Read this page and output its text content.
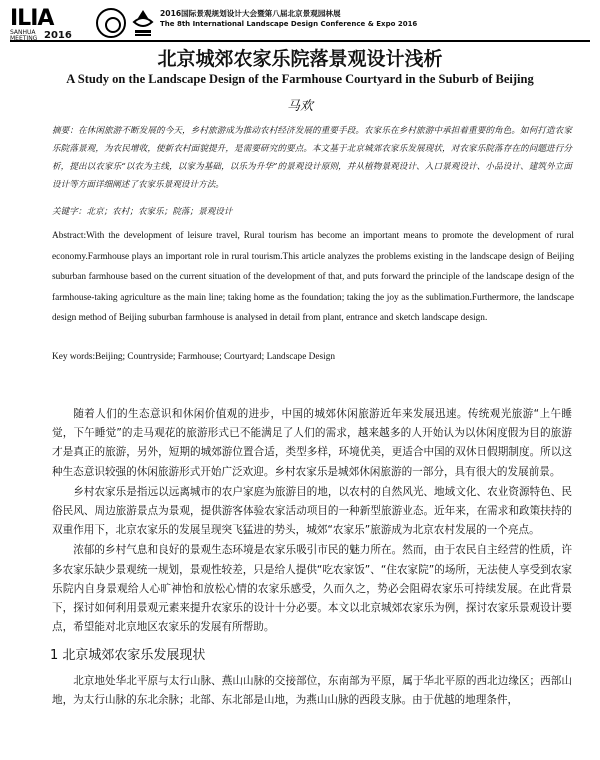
ILIA
SANHUA MEETING 2016
2016国际景观规划设计大会暨第八届北京景观园林展
The 8th International Landscape Design Conference & Expo 2016
北京城郊农家乐院落景观设计浅析
A Study on the Landscape Design of the Farmhouse Courtyard in the Suburb of Beijing
马欢
摘要：在休闲旅游不断发展的今天，乡村旅游成为推动农村经济发展的重要手段。农家乐在乡村旅游中承担着重要的角色。如何打造农家乐院落景观，为农民增收，使新农村面貌提升，是需要研究的要点。本文基于北京城郊农家乐发展现状，对农家乐院落存在的问题进行分析，提出以农家乐“以农为主线，以家为基础，以乐为升华”的景观设计原则，并从植物景观设计、入口景观设计、小品设计、建筑外立面设计等方面详细阐述了农家乐景观设计方法。
关键字：北京；农村；农家乐；院落；景观设计
Abstract:With the development of leisure travel, Rural tourism has become an important means to promote the development of rural economy.Farmhouse plays an important role in rural tourism.This article analyzes the problems existing in the landscape design of Beijing suburban farmhouse based on the current situation of the development of that, and puts forward the principle of the landscape design of the farmhouse-taking agriculture as the main line; taking home as the foundation; taking the joy as the sublimation.Furthermore, the landscape design method of Beijing suburban farmhouse is analysed in detail from plant, entrance and sketch landscape design.
Key words:Beijing; Countryside; Farmhouse; Courtyard; Landscape Design

随着人们的生态意识和休闲价值观的进步，中国的城郊休闲旅游近年来发展迅速。传统观光旅游“上午睡觉，下午睡觉”的走马观花的旅游形式已不能满足了人们的需求，越来越多的人开始认为以休闲度假为目的旅游才是真正的旅游，另外，短期的城郊游位置合适，类型多样，环境优美，更适合中国的双休日假期制度。所以这种生态意识较强的休闲旅游形式开始广泛欢迎。乡村农家乐是城郊休闲旅游的一部分，具有很大的发展前景。

乡村农家乐是指远以远离城市的农户家庭为旅游目的地，以农村的自然风光、地域文化、农业资源特色、民俗民风、周边旅游景点为景观，提供游客体验农家活动项目的一种新型旅游业态。近年来，在需求和政策扶持的双重作用下，北京农家乐的发展呈现突飞猛进的势头，城郊“农家乐”旅游成为北京农村发展的一个亮点。

浓郁的乡村气息和良好的景观生态环境是农家乐吸引市民的魅力所在。然而，由于农民自主经营的性质，许多农家乐缺少景观统一规划，景观性较差，只是给人提供“吃农家饭”、“住农家院”的场所，无法使人享受到农家乐院内自身景观给人心旷神怡和放松心情的农家乐感受，久而久之，势必会阻碍农家乐可持续发展。在此背景下，探讨如何利用景观元素来提升农家乐的设计十分必要。本文以北京城郊农家乐为例，探讨农家乐景观设计要点，希望能对北京地区农家乐的发展有所帮助。

1 北京城郊农家乐发展现状

北京地处华北平原与太行山脉、燕山山脉的交接部位，东南部为平原，属于华北平原的西北边缘区；西部山地，为太行山脉的东北余脉；北部、东北部是山地，为燕山山脉的西段支脉。由于优越的地理条件，
